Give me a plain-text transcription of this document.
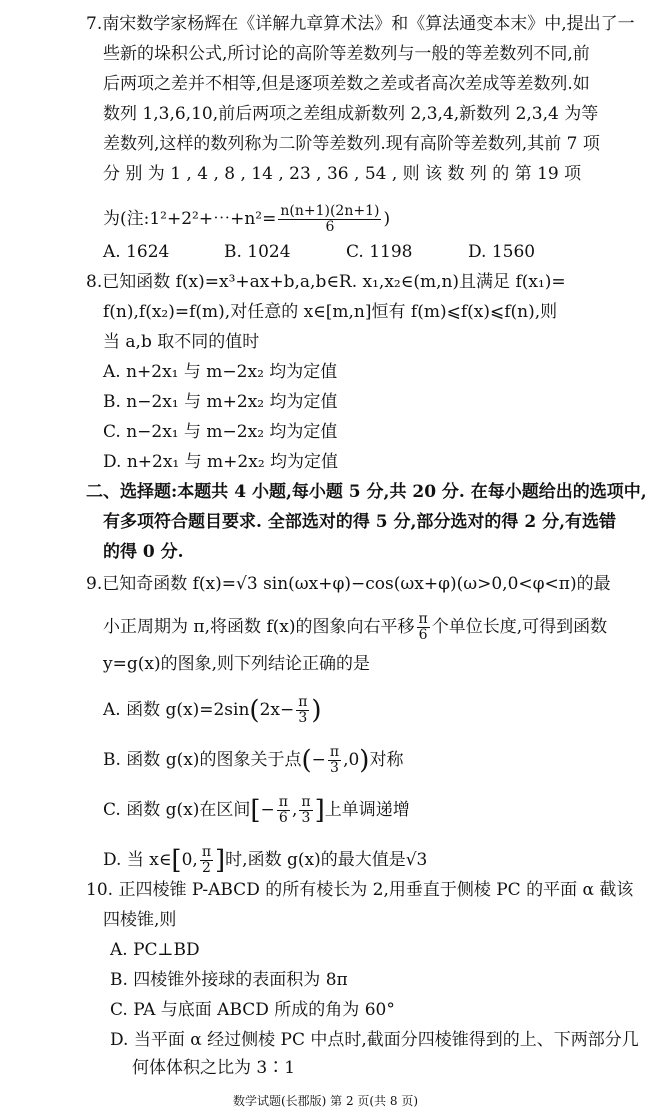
7.南宋数学家杨辉在《详解九章算术法》和《算法通变本末》中,提出了一
些新的垛积公式,所讨论的高阶等差数列与一般的等差数列不同,前
后两项之差并不相等,但是逐项差数之差或者高次差成等差数列.如
数列 1,3,6,10,前后两项之差组成新数列 2,3,4,新数列 2,3,4 为等
差数列,这样的数列称为二阶等差数列.现有高阶等差数列,其前 7 项
分 别 为 1 , 4 , 8 , 14 , 23 , 36 , 54 , 则 该 数 列 的 第 19 项
为(注:1²+2²+⋯+n²= $\frac{n(n+1)(2n+1)}{6}$ )
A. 1624	B. 1024	C. 1198	D. 1560
8.已知函数 f(x)=x³+ax+b,a,b∈R. x₁,x₂∈(m,n)且满足 f(x₁)=
f(n),f(x₂)=f(m),对任意的 x∈[m,n]恒有 f(m)⩽f(x)⩽f(n),则
当 a,b 取不同的值时
A. n+2x₁ 与 m−2x₂ 均为定值
B. n−2x₁ 与 m+2x₂ 均为定值
C. n−2x₁ 与 m−2x₂ 均为定值
D. n+2x₁ 与 m+2x₂ 均为定值
二、选择题:本题共 4 小题,每小题 5 分,共 20 分. 在每小题给出的选项中,
有多项符合题目要求. 全部选对的得 5 分,部分选对的得 2 分,有选错
的得 0 分.
9.已知奇函数 f(x)=√3 sin(ωx+φ)−cos(ωx+φ)(ω>0,0<φ<π)的最
小正周期为 π,将函数 f(x)的图象向右平移 $\frac{\pi}{6}$ 个单位长度,可得到函数
y=g(x)的图象,则下列结论正确的是
A. 函数 $g(x)=2\sin(2x- \frac{\pi}{3}$ )
B. 函数 g(x)的图象关于点(− $\frac{\pi}{3} ,0$)对称
C. 函数 g(x)在区间[− $\frac{\pi}{6}$ , $\frac{\pi}{3}$ ]上单调递增
D. 当 x∈[0, $\frac{\pi}{2}$ ]时,函数 g(x)的最大值是√3
10. 正四棱锥 P-ABCD 的所有棱长为 2,用垂直于侧棱 PC 的平面 α 截该
四棱锥,则
A. PC⊥BD
B. 四棱锥外接球的表面积为 8π
C. PA 与底面 ABCD 所成的角为 60°
D. 当平面 α 经过侧棱 PC 中点时,截面分四棱锥得到的上、下两部分几
何体体积之比为 3∶1
数学试题(长郡版) 第 2 页(共 8 页)
